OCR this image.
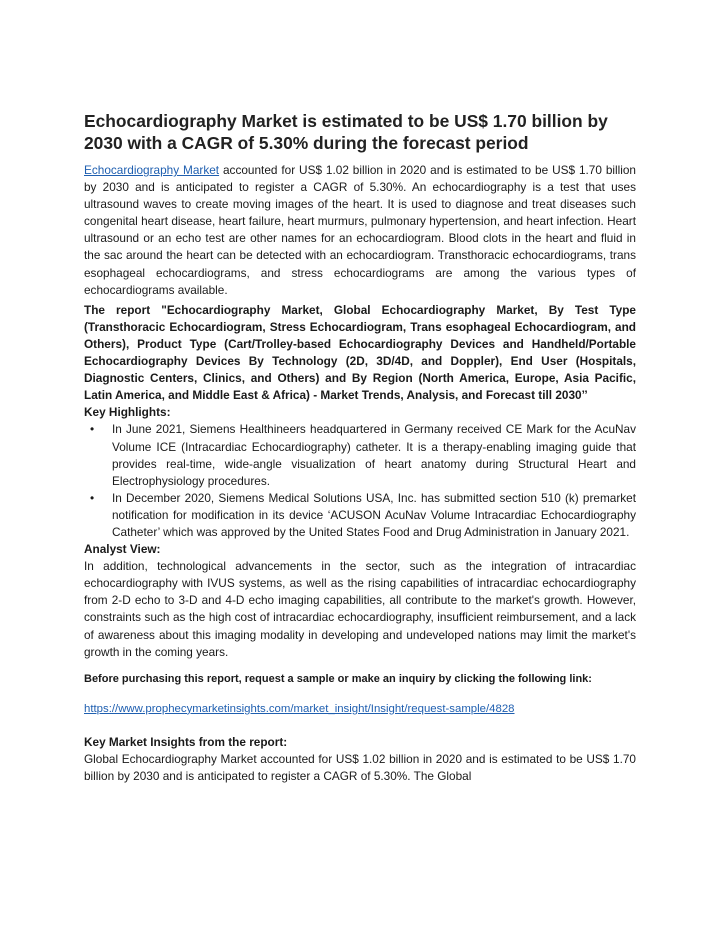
Echocardiography Market is estimated to be US$ 1.70 billion by 2030 with a CAGR of 5.30% during the forecast period

Echocardiography Market accounted for US$ 1.02 billion in 2020 and is estimated to be US$ 1.70 billion by 2030 and is anticipated to register a CAGR of 5.30%. An echocardiography is a test that uses ultrasound waves to create moving images of the heart. It is used to diagnose and treat diseases such congenital heart disease, heart failure, heart murmurs, pulmonary hypertension, and heart infection. Heart ultrasound or an echo test are other names for an echocardiogram. Blood clots in the heart and fluid in the sac around the heart can be detected with an echocardiogram. Transthoracic echocardiograms, trans esophageal echocardiograms, and stress echocardiograms are among the various types of echocardiograms available.

The report "Echocardiography Market, Global Echocardiography Market, By Test Type (Transthoracic Echocardiogram, Stress Echocardiogram, Trans esophageal Echocardiogram, and Others), Product Type (Cart/Trolley-based Echocardiography Devices and Handheld/Portable Echocardiography Devices By Technology (2D, 3D/4D, and Doppler), End User (Hospitals, Diagnostic Centers, Clinics, and Others) and By Region (North America, Europe, Asia Pacific, Latin America, and Middle East & Africa) - Market Trends, Analysis, and Forecast till 2030’’

Key Highlights:
• In June 2021, Siemens Healthineers headquartered in Germany received CE Mark for the AcuNav Volume ICE (Intracardiac Echocardiography) catheter. It is a therapy-enabling imaging guide that provides real-time, wide-angle visualization of heart anatomy during Structural Heart and Electrophysiology procedures.
• In December 2020, Siemens Medical Solutions USA, Inc. has submitted section 510 (k) premarket notification for modification in its device ‘ACUSON AcuNav Volume Intracardiac Echocardiography Catheter’ which was approved by the United States Food and Drug Administration in January 2021.
Analyst View:

In addition, technological advancements in the sector, such as the integration of intracardiac echocardiography with IVUS systems, as well as the rising capabilities of intracardiac echocardiography from 2-D echo to 3-D and 4-D echo imaging capabilities, all contribute to the market's growth. However, constraints such as the high cost of intracardiac echocardiography, insufficient reimbursement, and a lack of awareness about this imaging modality in developing and undeveloped nations may limit the market's growth in the coming years.

Before purchasing this report, request a sample or make an inquiry by clicking the following link:

https://www.prophecymarketinsights.com/market_insight/Insight/request-sample/4828

Key Market Insights from the report:

Global Echocardiography Market accounted for US$ 1.02 billion in 2020 and is estimated to be US$ 1.70 billion by 2030 and is anticipated to register a CAGR of 5.30%. The Global
